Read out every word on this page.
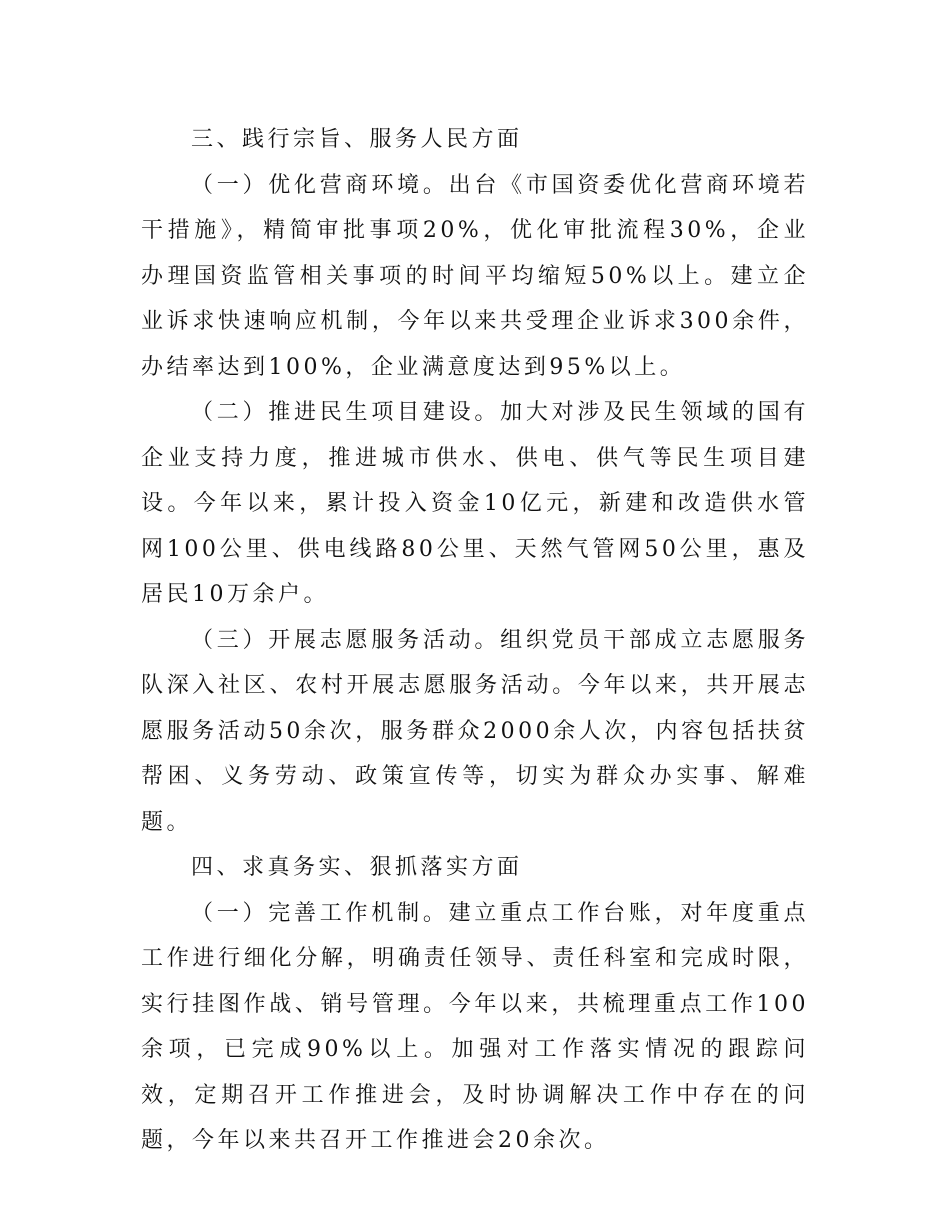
三、践行宗旨、服务人民方面

（一）优化营商环境。出台《市国资委优化营商环境若干措施》，精简审批事项20%，优化审批流程30%，企业办理国资监管相关事项的时间平均缩短50%以上。建立企业诉求快速响应机制，今年以来共受理企业诉求300余件，办结率达到100%，企业满意度达到95%以上。

（二）推进民生项目建设。加大对涉及民生领域的国有企业支持力度，推进城市供水、供电、供气等民生项目建设。今年以来，累计投入资金10亿元，新建和改造供水管网100公里、供电线路80公里、天然气管网50公里，惠及居民10万余户。

（三）开展志愿服务活动。组织党员干部成立志愿服务队深入社区、农村开展志愿服务活动。今年以来，共开展志愿服务活动50余次，服务群众2000余人次，内容包括扶贫帮困、义务劳动、政策宣传等，切实为群众办实事、解难题。

四、求真务实、狠抓落实方面

（一）完善工作机制。建立重点工作台账，对年度重点工作进行细化分解，明确责任领导、责任科室和完成时限，实行挂图作战、销号管理。今年以来，共梳理重点工作100余项，已完成90%以上。加强对工作落实情况的跟踪问效，定期召开工作推进会，及时协调解决工作中存在的问题，今年以来共召开工作推进会20余次。
